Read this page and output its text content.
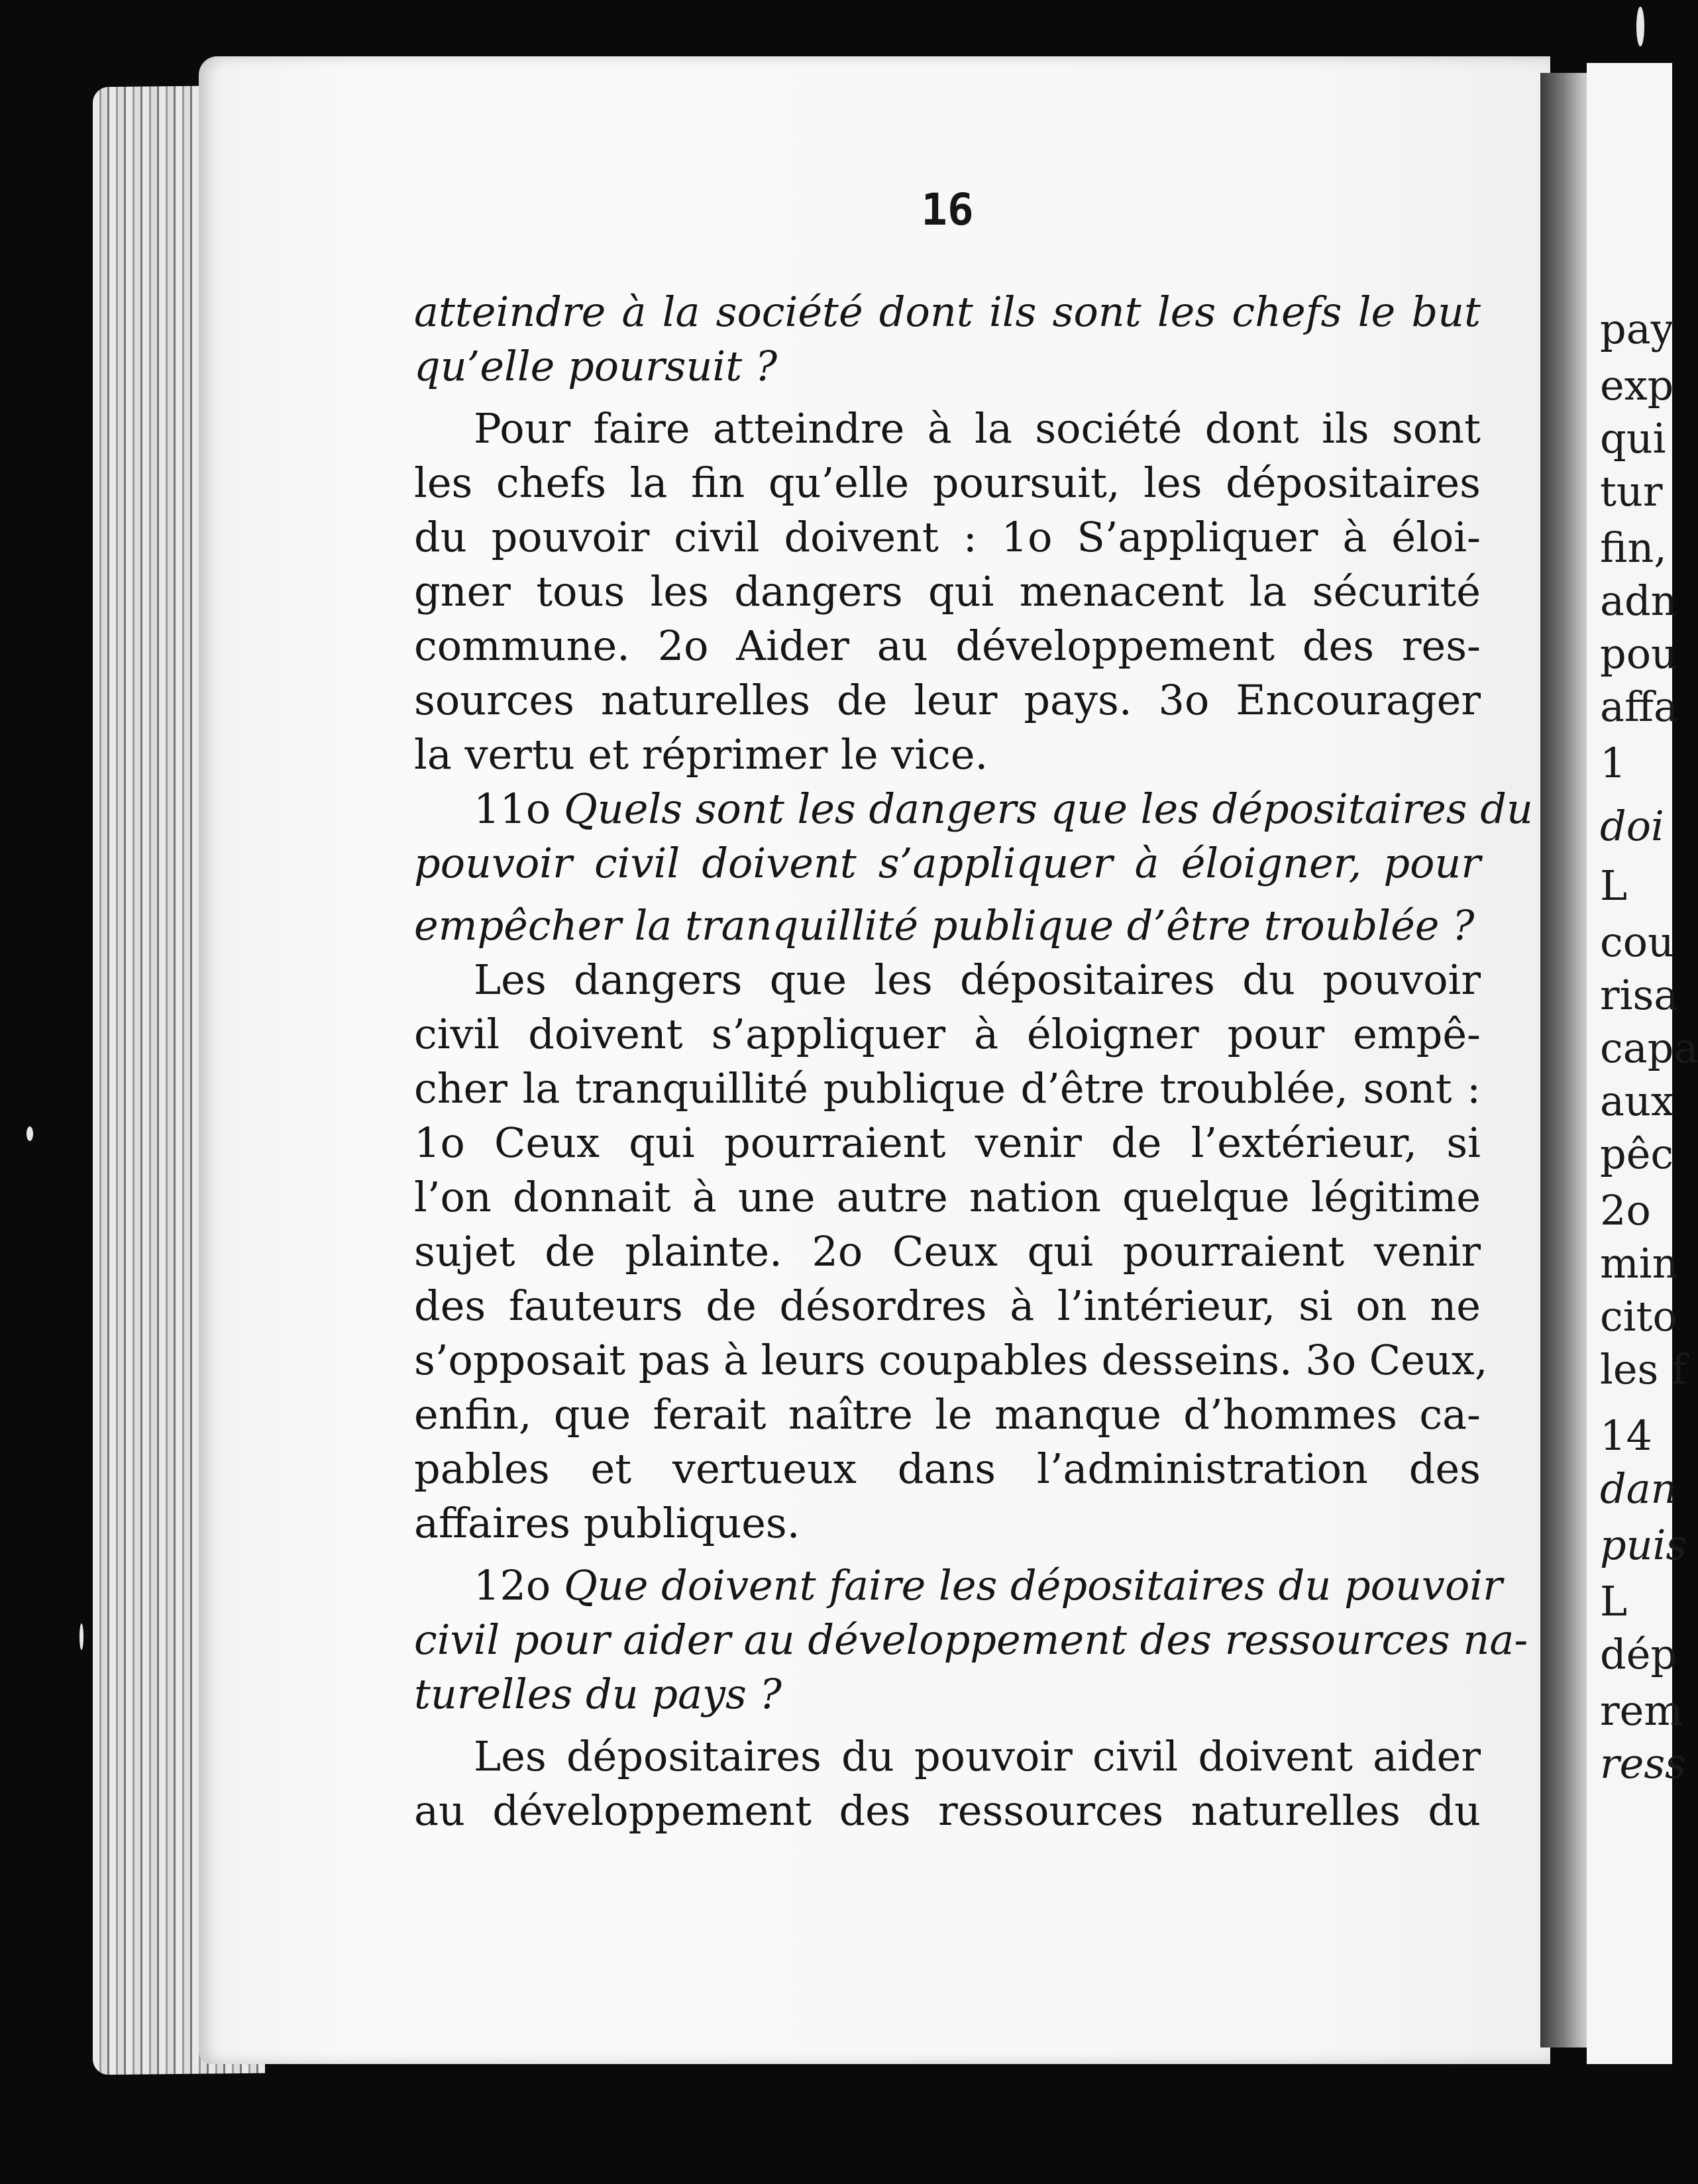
pay
exp
qui
tur
fin,
adn
pou
affa
1
doi
L
cou
risa
capa
aux
pêc
2o
min
cito
les f
14
dan
puis
L
dép
rem
ress
16
atteindre à la société dont ils sont les chefs le but
qu’elle poursuit ?
Pour faire atteindre à la société dont ils sont
les chefs la fin qu’elle poursuit, les dépositaires
du pouvoir civil doivent : 1o S’appliquer à éloi-
gner tous les dangers qui menacent la sécurité
commune. 2o Aider au développement des res-
sources naturelles de leur pays. 3o Encourager
la vertu et réprimer le vice.
11o Quels sont les dangers que les dépositaires du
pouvoir civil doivent s’appliquer à éloigner, pour
empêcher la tranquillité publique d’être troublée ?
Les dangers que les dépositaires du pouvoir
civil doivent s’appliquer à éloigner pour empê-
cher la tranquillité publique d’être troublée, sont :
1o Ceux qui pourraient venir de l’extérieur, si
l’on donnait à une autre nation quelque légitime
sujet de plainte. 2o Ceux qui pourraient venir
des fauteurs de désordres à l’intérieur, si on ne
s’opposait pas à leurs coupables desseins. 3o Ceux,
enfin, que ferait naître le manque d’hommes ca-
pables et vertueux dans l’administration des
affaires publiques.
12o Que doivent faire les dépositaires du pouvoir
civil pour aider au développement des ressources na-
turelles du pays ?
Les dépositaires du pouvoir civil doivent aider
au développement des ressources naturelles du
